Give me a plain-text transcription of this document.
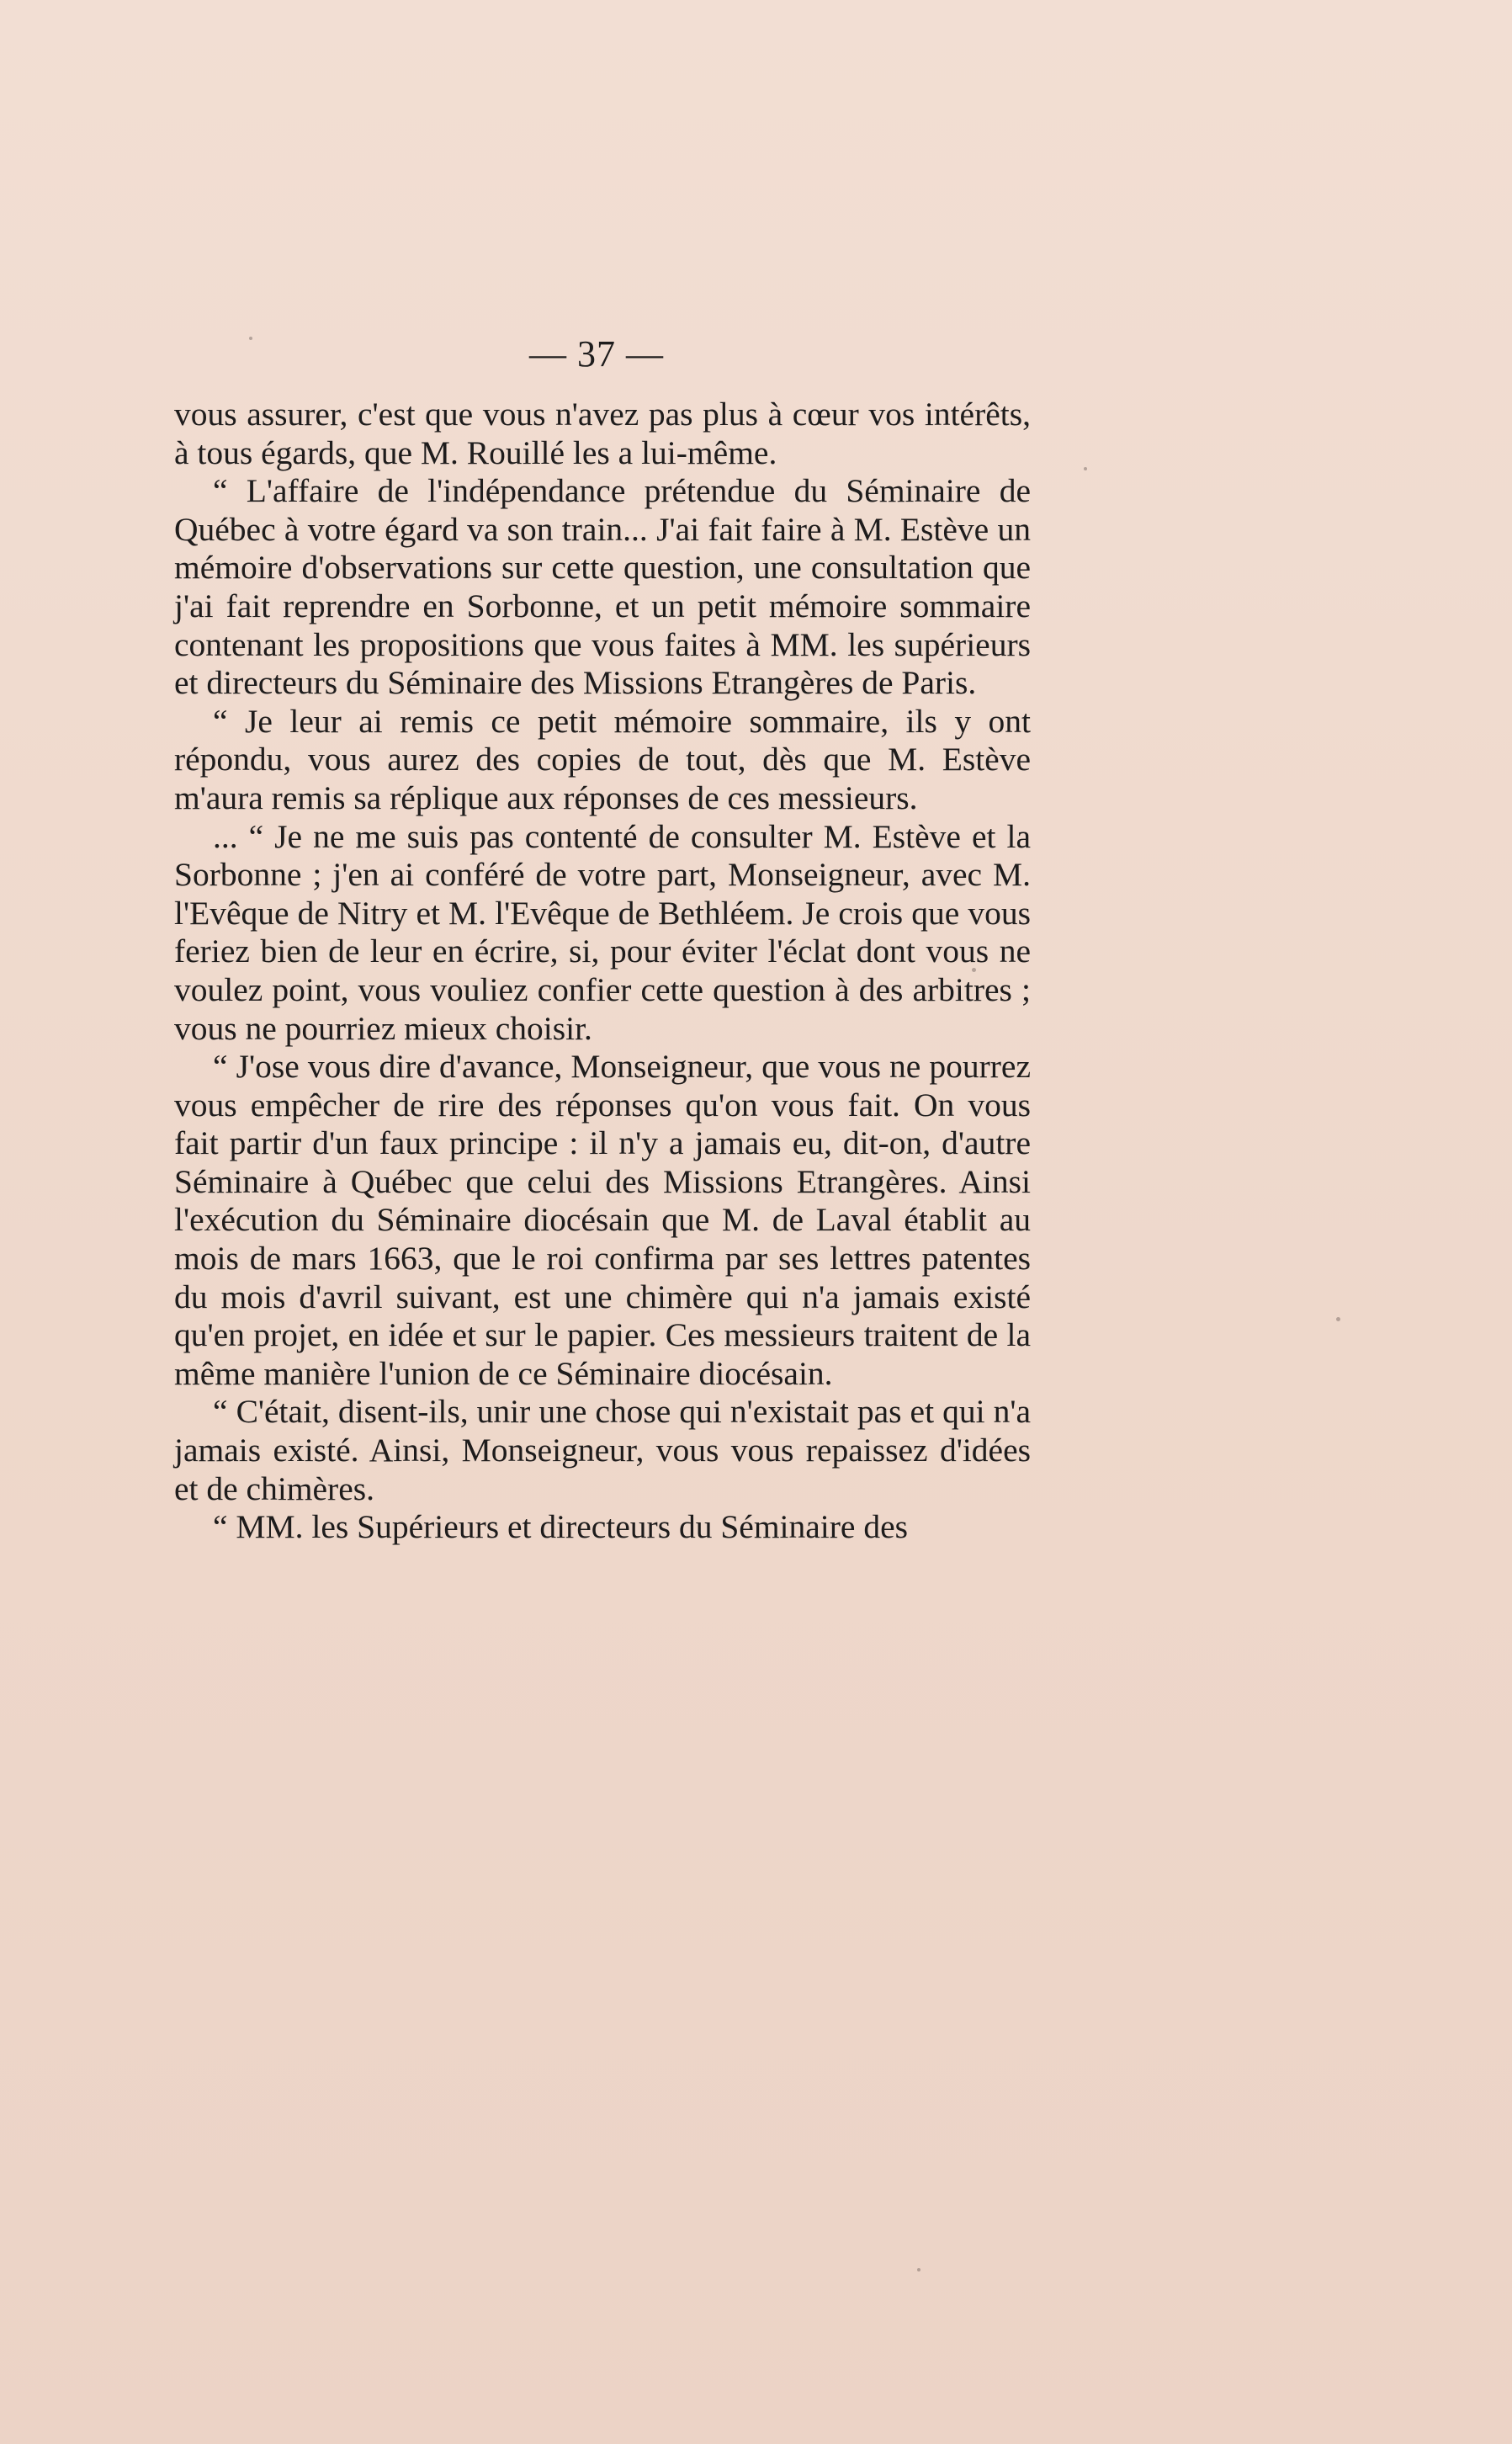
— 37 —

vous assurer, c'est que vous n'avez pas plus à cœur vos intérêts, à tous égards, que M. Rouillé les a lui-même.

“ L'affaire de l'indépendance prétendue du Séminaire de Québec à votre égard va son train... J'ai fait faire à M. Estève un mémoire d'observations sur cette question, une consultation que j'ai fait reprendre en Sorbonne, et un petit mémoire sommaire contenant les propositions que vous faites à MM. les supérieurs et directeurs du Séminaire des Missions Etrangères de Paris.

“ Je leur ai remis ce petit mémoire sommaire, ils y ont répondu, vous aurez des copies de tout, dès que M. Estève m'aura remis sa réplique aux réponses de ces messieurs.

... “ Je ne me suis pas contenté de consulter M. Estève et la Sorbonne ; j'en ai conféré de votre part, Monseigneur, avec M. l'Evêque de Nitry et M. l'Evêque de Bethléem. Je crois que vous feriez bien de leur en écrire, si, pour éviter l'éclat dont vous ne voulez point, vous vouliez confier cette question à des arbitres ; vous ne pourriez mieux choisir.

“ J'ose vous dire d'avance, Monseigneur, que vous ne pourrez vous empêcher de rire des réponses qu'on vous fait. On vous fait partir d'un faux principe : il n'y a jamais eu, dit-on, d'autre Séminaire à Québec que celui des Missions Etrangères. Ainsi l'exécution du Séminaire diocésain que M. de Laval établit au mois de mars 1663, que le roi confirma par ses lettres patentes du mois d'avril suivant, est une chimère qui n'a jamais existé qu'en projet, en idée et sur le papier. Ces messieurs traitent de la même manière l'union de ce Séminaire diocésain.

“ C'était, disent-ils, unir une chose qui n'existait pas et qui n'a jamais existé. Ainsi, Monseigneur, vous vous repaissez d'idées et de chimères.

“ MM. les Supérieurs et directeurs du Séminaire des
